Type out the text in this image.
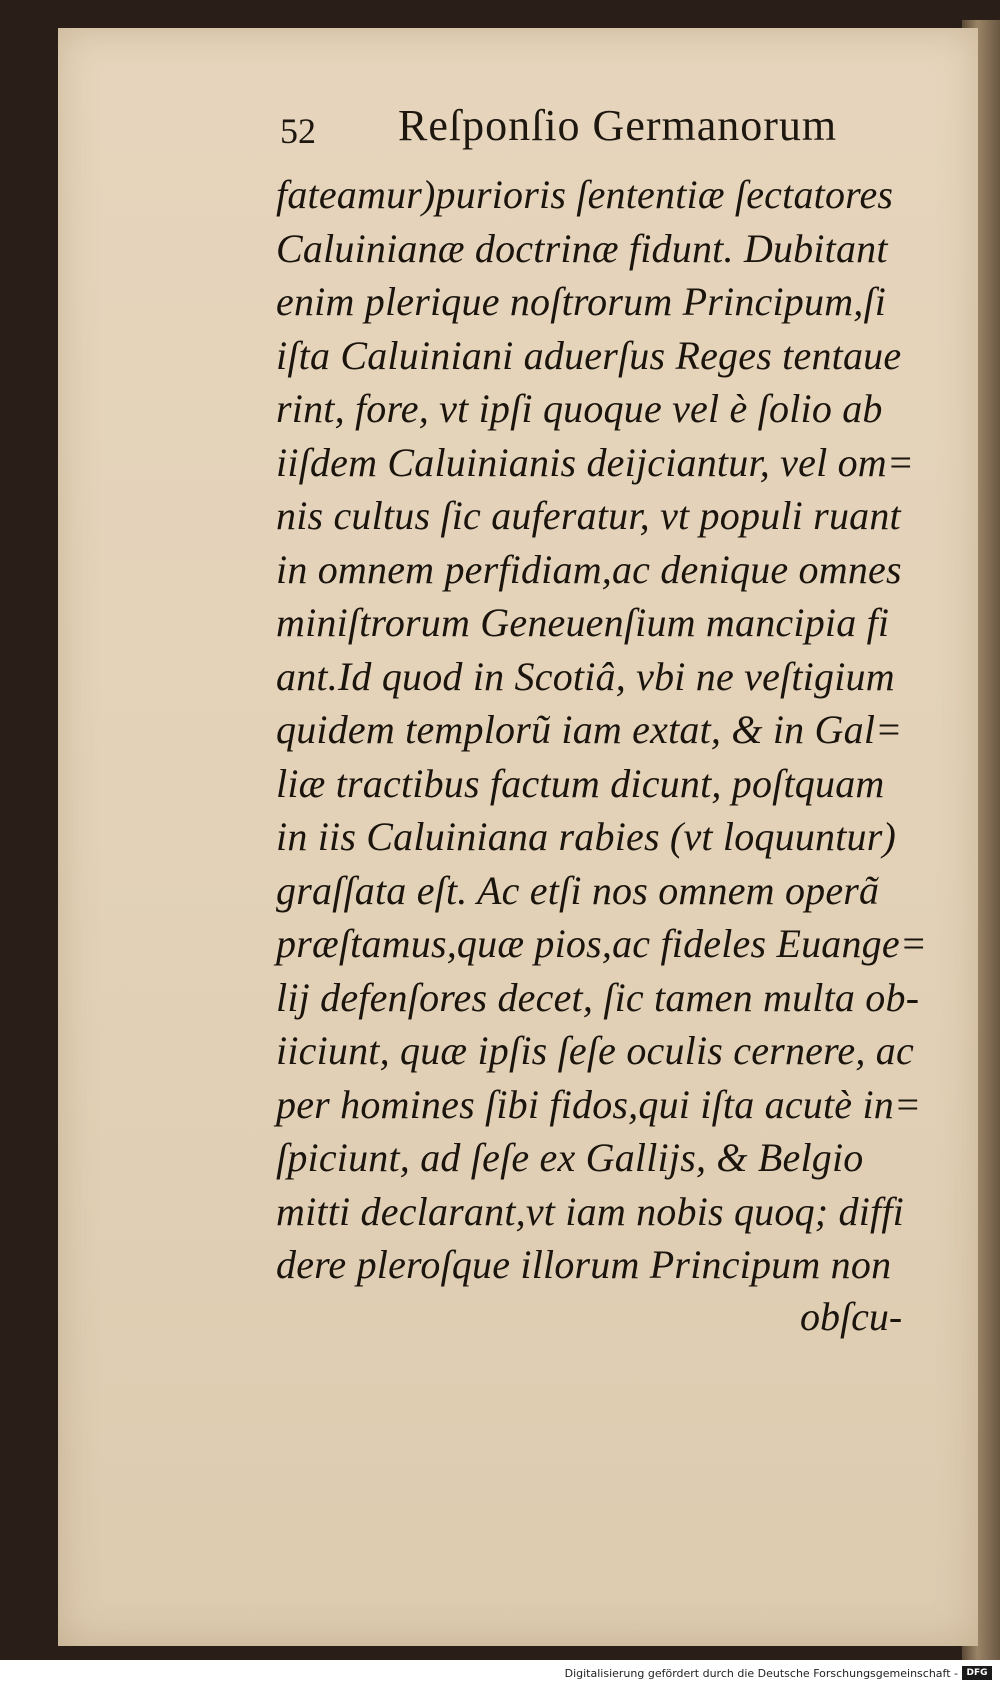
52 Reſponſio Germanorum
fateamur)purioris ſententiæ ſectatores
Caluinianæ doctrinæ fidunt. Dubitant
enim plerique noſtrorum Principum,ſi
iſta Caluiniani aduerſus Reges tentaue
rint, fore, vt ipſi quoque vel è ſolio ab
iiſdem Caluinianis deijciantur, vel om=
nis cultus ſic auferatur, vt populi ruant
in omnem perfidiam,ac denique omnes
miniſtrorum Geneuenſium mancipia fi
ant.Id quod in Scotiâ, vbi ne veſtigium
quidem templorũ iam extat, & in Gal=
liæ tractibus factum dicunt, poſtquam
in iis Caluiniana rabies (vt loquuntur)
graſſata eſt. Ac etſi nos omnem operã
præſtamus,quæ pios,ac fideles Euange=
lij defenſores decet, ſic tamen multa ob-
iiciunt, quæ ipſis ſeſe oculis cernere, ac
per homines ſibi fidos,qui iſta acutè in=
ſpiciunt, ad ſeſe ex Gallijs, & Belgio
mitti declarant,vt iam nobis quoq; diffi
dere pleroſque illorum Principum non
obſcu-
Digitalisierung gefördert durch die Deutsche Forschungsgemeinschaft - DFG
